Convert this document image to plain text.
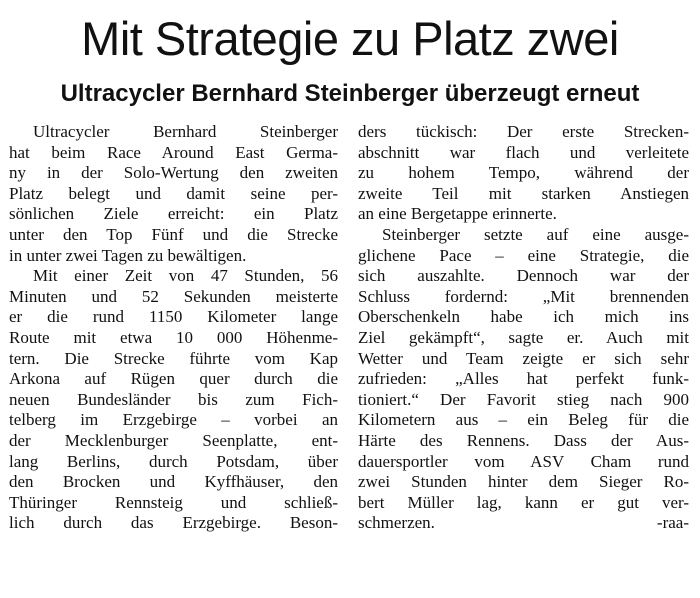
Mit Strategie zu Platz zwei
Ultracycler Bernhard Steinberger überzeugt erneut
Ultracycler Bernhard Steinberger
hat beim Race Around East Germa-
ny in der Solo-Wertung den zweiten
Platz belegt und damit seine per-
sönlichen Ziele erreicht: ein Platz
unter den Top Fünf und die Strecke
in unter zwei Tagen zu bewältigen.
Mit einer Zeit von 47 Stunden, 56
Minuten und 52 Sekunden meisterte
er die rund 1150 Kilometer lange
Route mit etwa 10 000 Höhenme-
tern. Die Strecke führte vom Kap
Arkona auf Rügen quer durch die
neuen Bundesländer bis zum Fich-
telberg im Erzgebirge – vorbei an
der Mecklenburger Seenplatte, ent-
lang Berlins, durch Potsdam, über
den Brocken und Kyffhäuser, den
Thüringer Rennsteig und schließ-
lich durch das Erzgebirge. Beson-
ders tückisch: Der erste Strecken-
abschnitt war flach und verleitete
zu hohem Tempo, während der
zweite Teil mit starken Anstiegen
an eine Bergetappe erinnerte.
Steinberger setzte auf eine ausge-
glichene Pace – eine Strategie, die
sich auszahlte. Dennoch war der
Schluss fordernd: „Mit brennenden
Oberschenkeln habe ich mich ins
Ziel gekämpft“, sagte er. Auch mit
Wetter und Team zeigte er sich sehr
zufrieden: „Alles hat perfekt funk-
tioniert.“ Der Favorit stieg nach 900
Kilometern aus – ein Beleg für die
Härte des Rennens. Dass der Aus-
dauersportler vom ASV Cham rund
zwei Stunden hinter dem Sieger Ro-
bert Müller lag, kann er gut ver-
schmerzen.	-raa-
